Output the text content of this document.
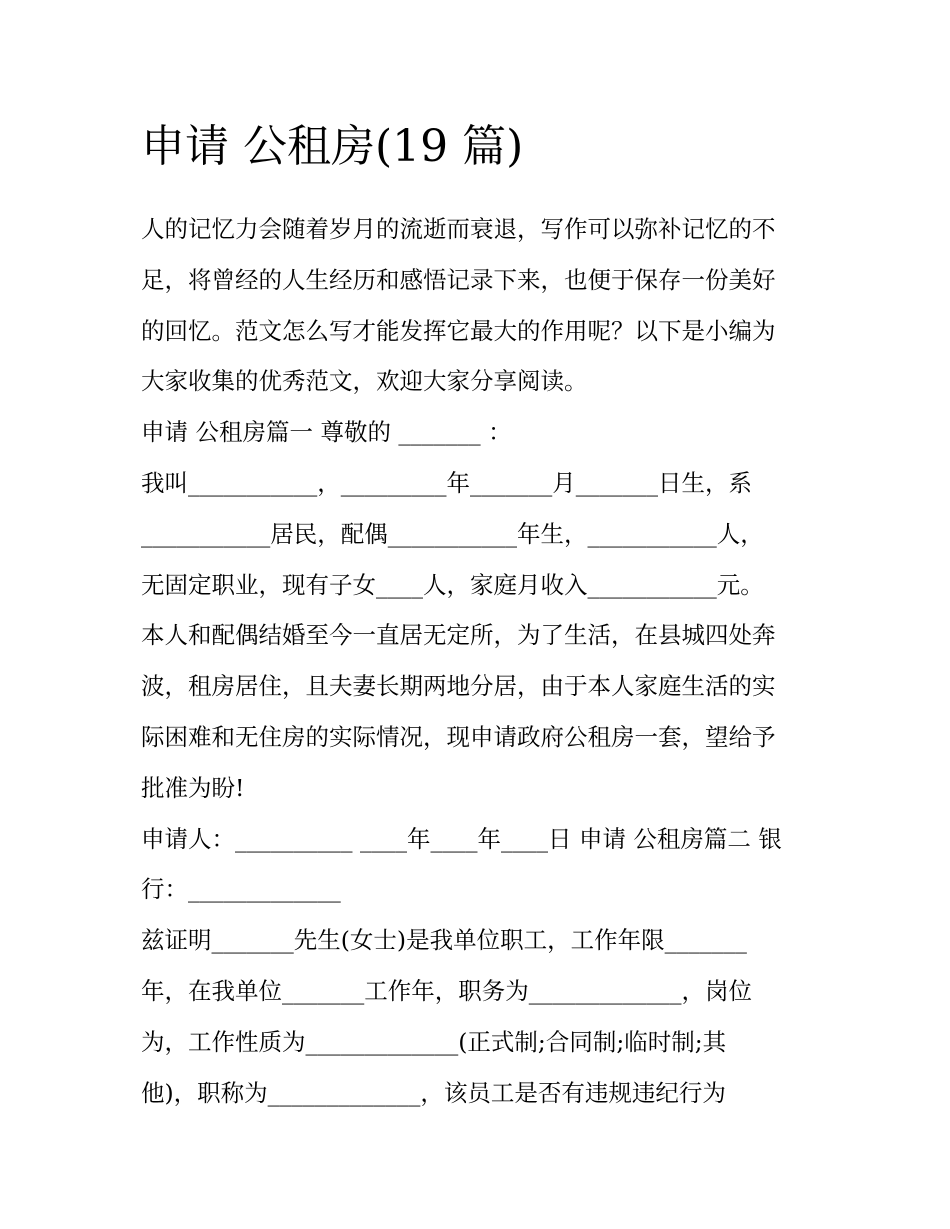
申请 公租房(19 篇)
人的记忆力会随着岁月的流逝而衰退，写作可以弥补记忆的不
足，将曾经的人生经历和感悟记录下来，也便于保存一份美好
的回忆。范文怎么写才能发挥它最大的作用呢？以下是小编为
大家收集的优秀范文，欢迎大家分享阅读。
申请 公租房篇一 尊敬的 _______ ：
我叫___________，_________年_______月_______日生，系
___________居民，配偶___________年生，___________人，
无固定职业，现有子女____人，家庭月收入___________元。
本人和配偶结婚至今一直居无定所，为了生活，在县城四处奔
波，租房居住，且夫妻长期两地分居，由于本人家庭生活的实
际困难和无住房的实际情况，现申请政府公租房一套，望给予
批准为盼!
申请人：__________ ____年____年____日 申请 公租房篇二 银
行：_____________
兹证明_______先生(女士)是我单位职工，工作年限_______
年，在我单位_______工作年，职务为_____________，岗位
为，工作性质为_____________(正式制;合同制;临时制;其
他)，职称为_____________，该员工是否有违规违纪行为
